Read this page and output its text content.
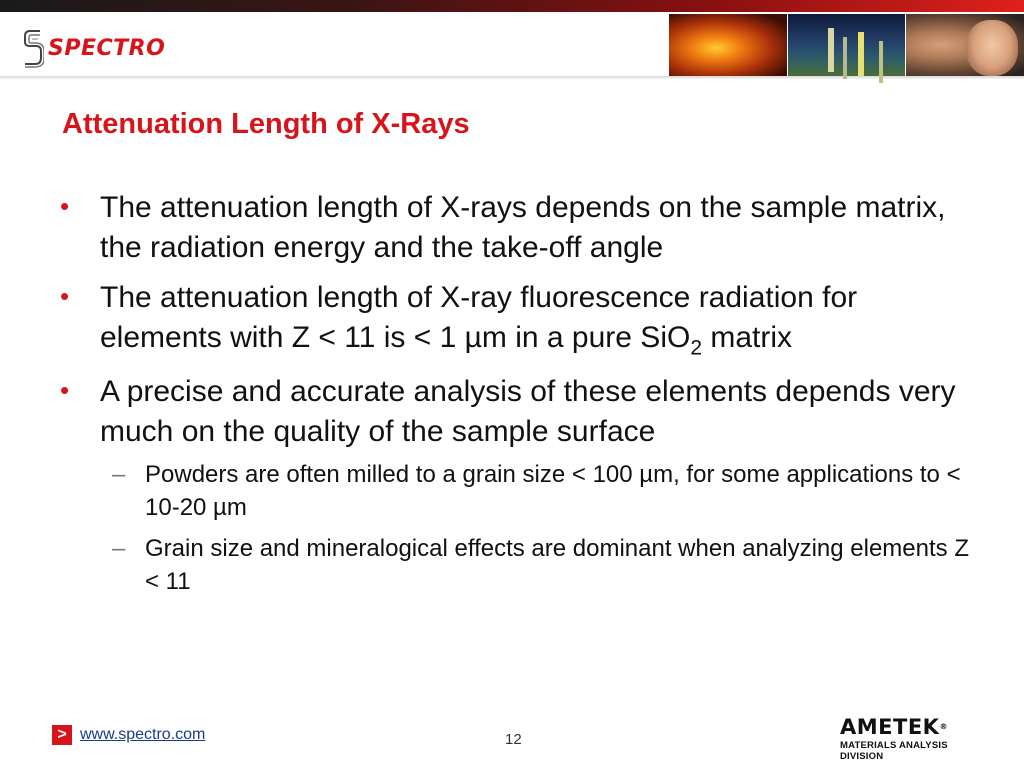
SPECTRO
Attenuation Length of X-Rays
• The attenuation length of X-rays depends on the sample matrix, the radiation energy and the take-off angle
• The attenuation length of X-ray fluorescence radiation for
elements with Z < 11 is < 1 µm in a pure SiO$_2$ matrix
• A precise and accurate analysis of these elements depends very much on the quality of the sample surface
– Powders are often milled to a grain size < 100 µm, for some applications to < 10-20 µm
– Grain size and mineralogical effects are dominant when analyzing elements Z < 11
> www.spectro.com	12
AMETEK®
MATERIALS ANALYSIS DIVISION
